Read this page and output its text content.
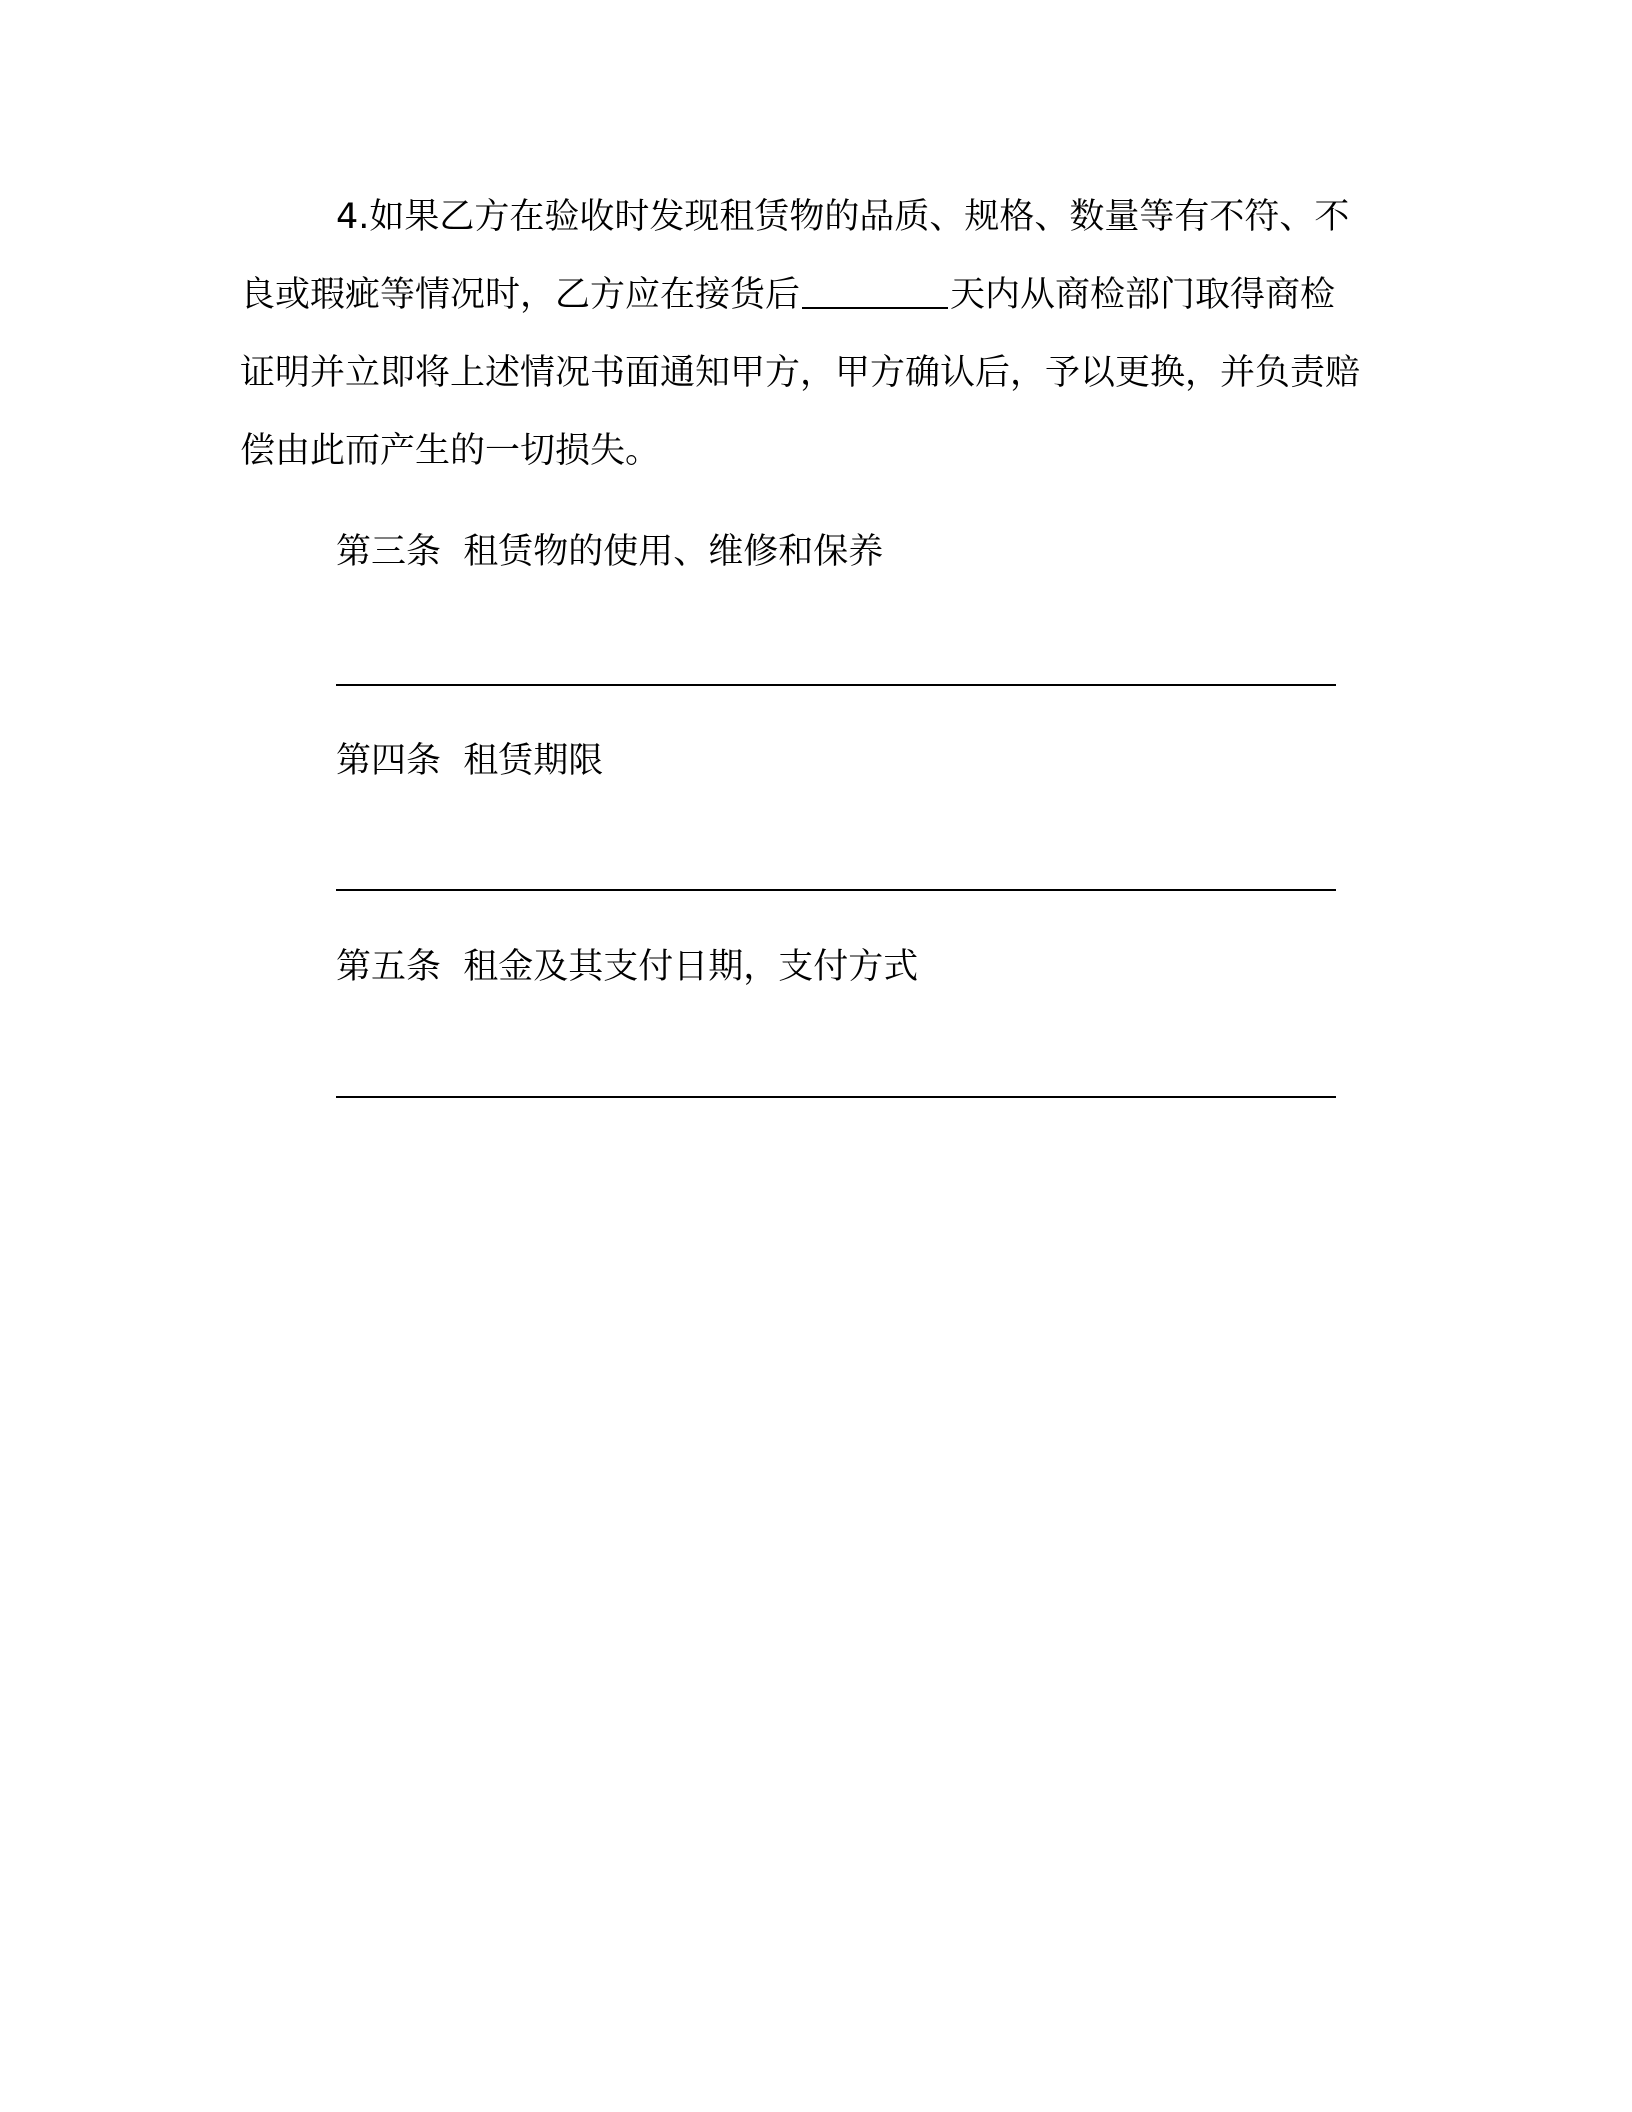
4.如果乙方在验收时发现租赁物的品质、规格、数量等有不符、不良或瑕疵等情况时，乙方应在接货后	天内从商检部门取得商检证明并立即将上述情况书面通知甲方，甲方确认后，予以更换，并负责赔偿由此而产生的一切损失。

第三条  租赁物的使用、维修和保养

第四条  租赁期限

第五条  租金及其支付日期，支付方式
